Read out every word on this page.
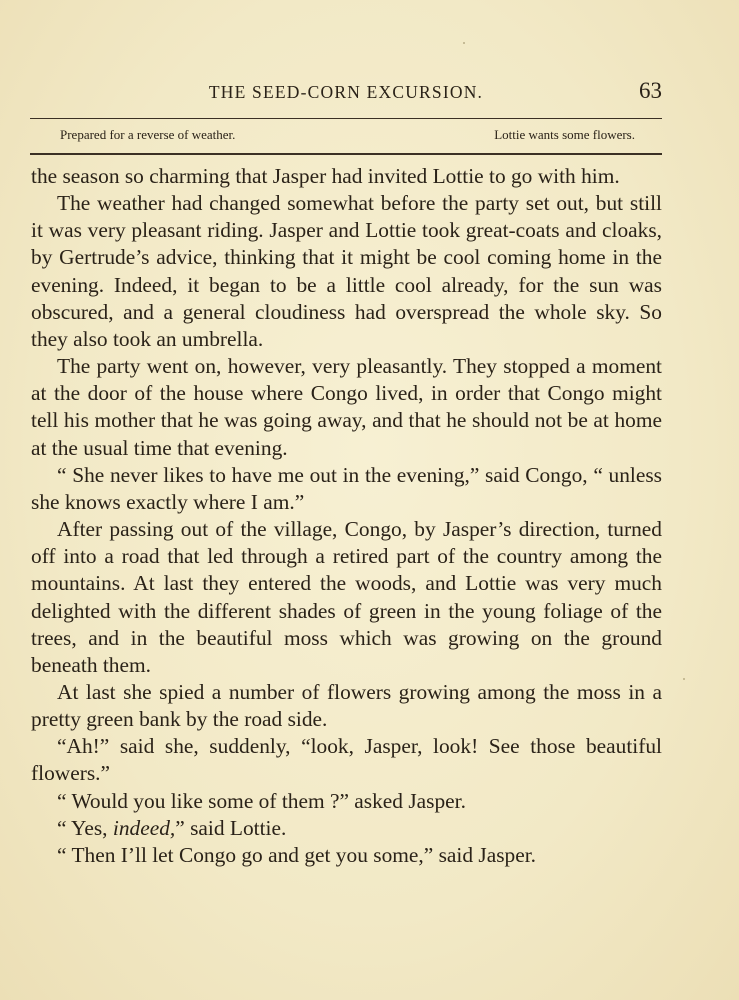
THE SEED-CORN EXCURSION.	63
Prepared for a reverse of weather.	Lottie wants some flowers.

the season so charming that Jasper had invited Lottie to go with him.

The weather had changed somewhat before the party set out, but still it was very pleasant riding. Jasper and Lottie took great-coats and cloaks, by Gertrude’s advice, thinking that it might be cool coming home in the evening. Indeed, it began to be a little cool already, for the sun was obscured, and a general cloudiness had overspread the whole sky. So they also took an umbrella.

The party went on, however, very pleasantly. They stopped a moment at the door of the house where Congo lived, in order that Congo might tell his mother that he was going away, and that he should not be at home at the usual time that evening.

“ She never likes to have me out in the evening,” said Congo, “ unless she knows exactly where I am.”

After passing out of the village, Congo, by Jasper’s direction, turned off into a road that led through a retired part of the country among the mountains. At last they entered the woods, and Lottie was very much delighted with the different shades of green in the young foliage of the trees, and in the beautiful moss which was growing on the ground beneath them.

At last she spied a number of flowers growing among the moss in a pretty green bank by the road side.

“Ah!” said she, suddenly, “look, Jasper, look! See those beautiful flowers.”

“ Would you like some of them ?” asked Jasper.

“ Yes, indeed,” said Lottie.

“ Then I’ll let Congo go and get you some,” said Jasper.
